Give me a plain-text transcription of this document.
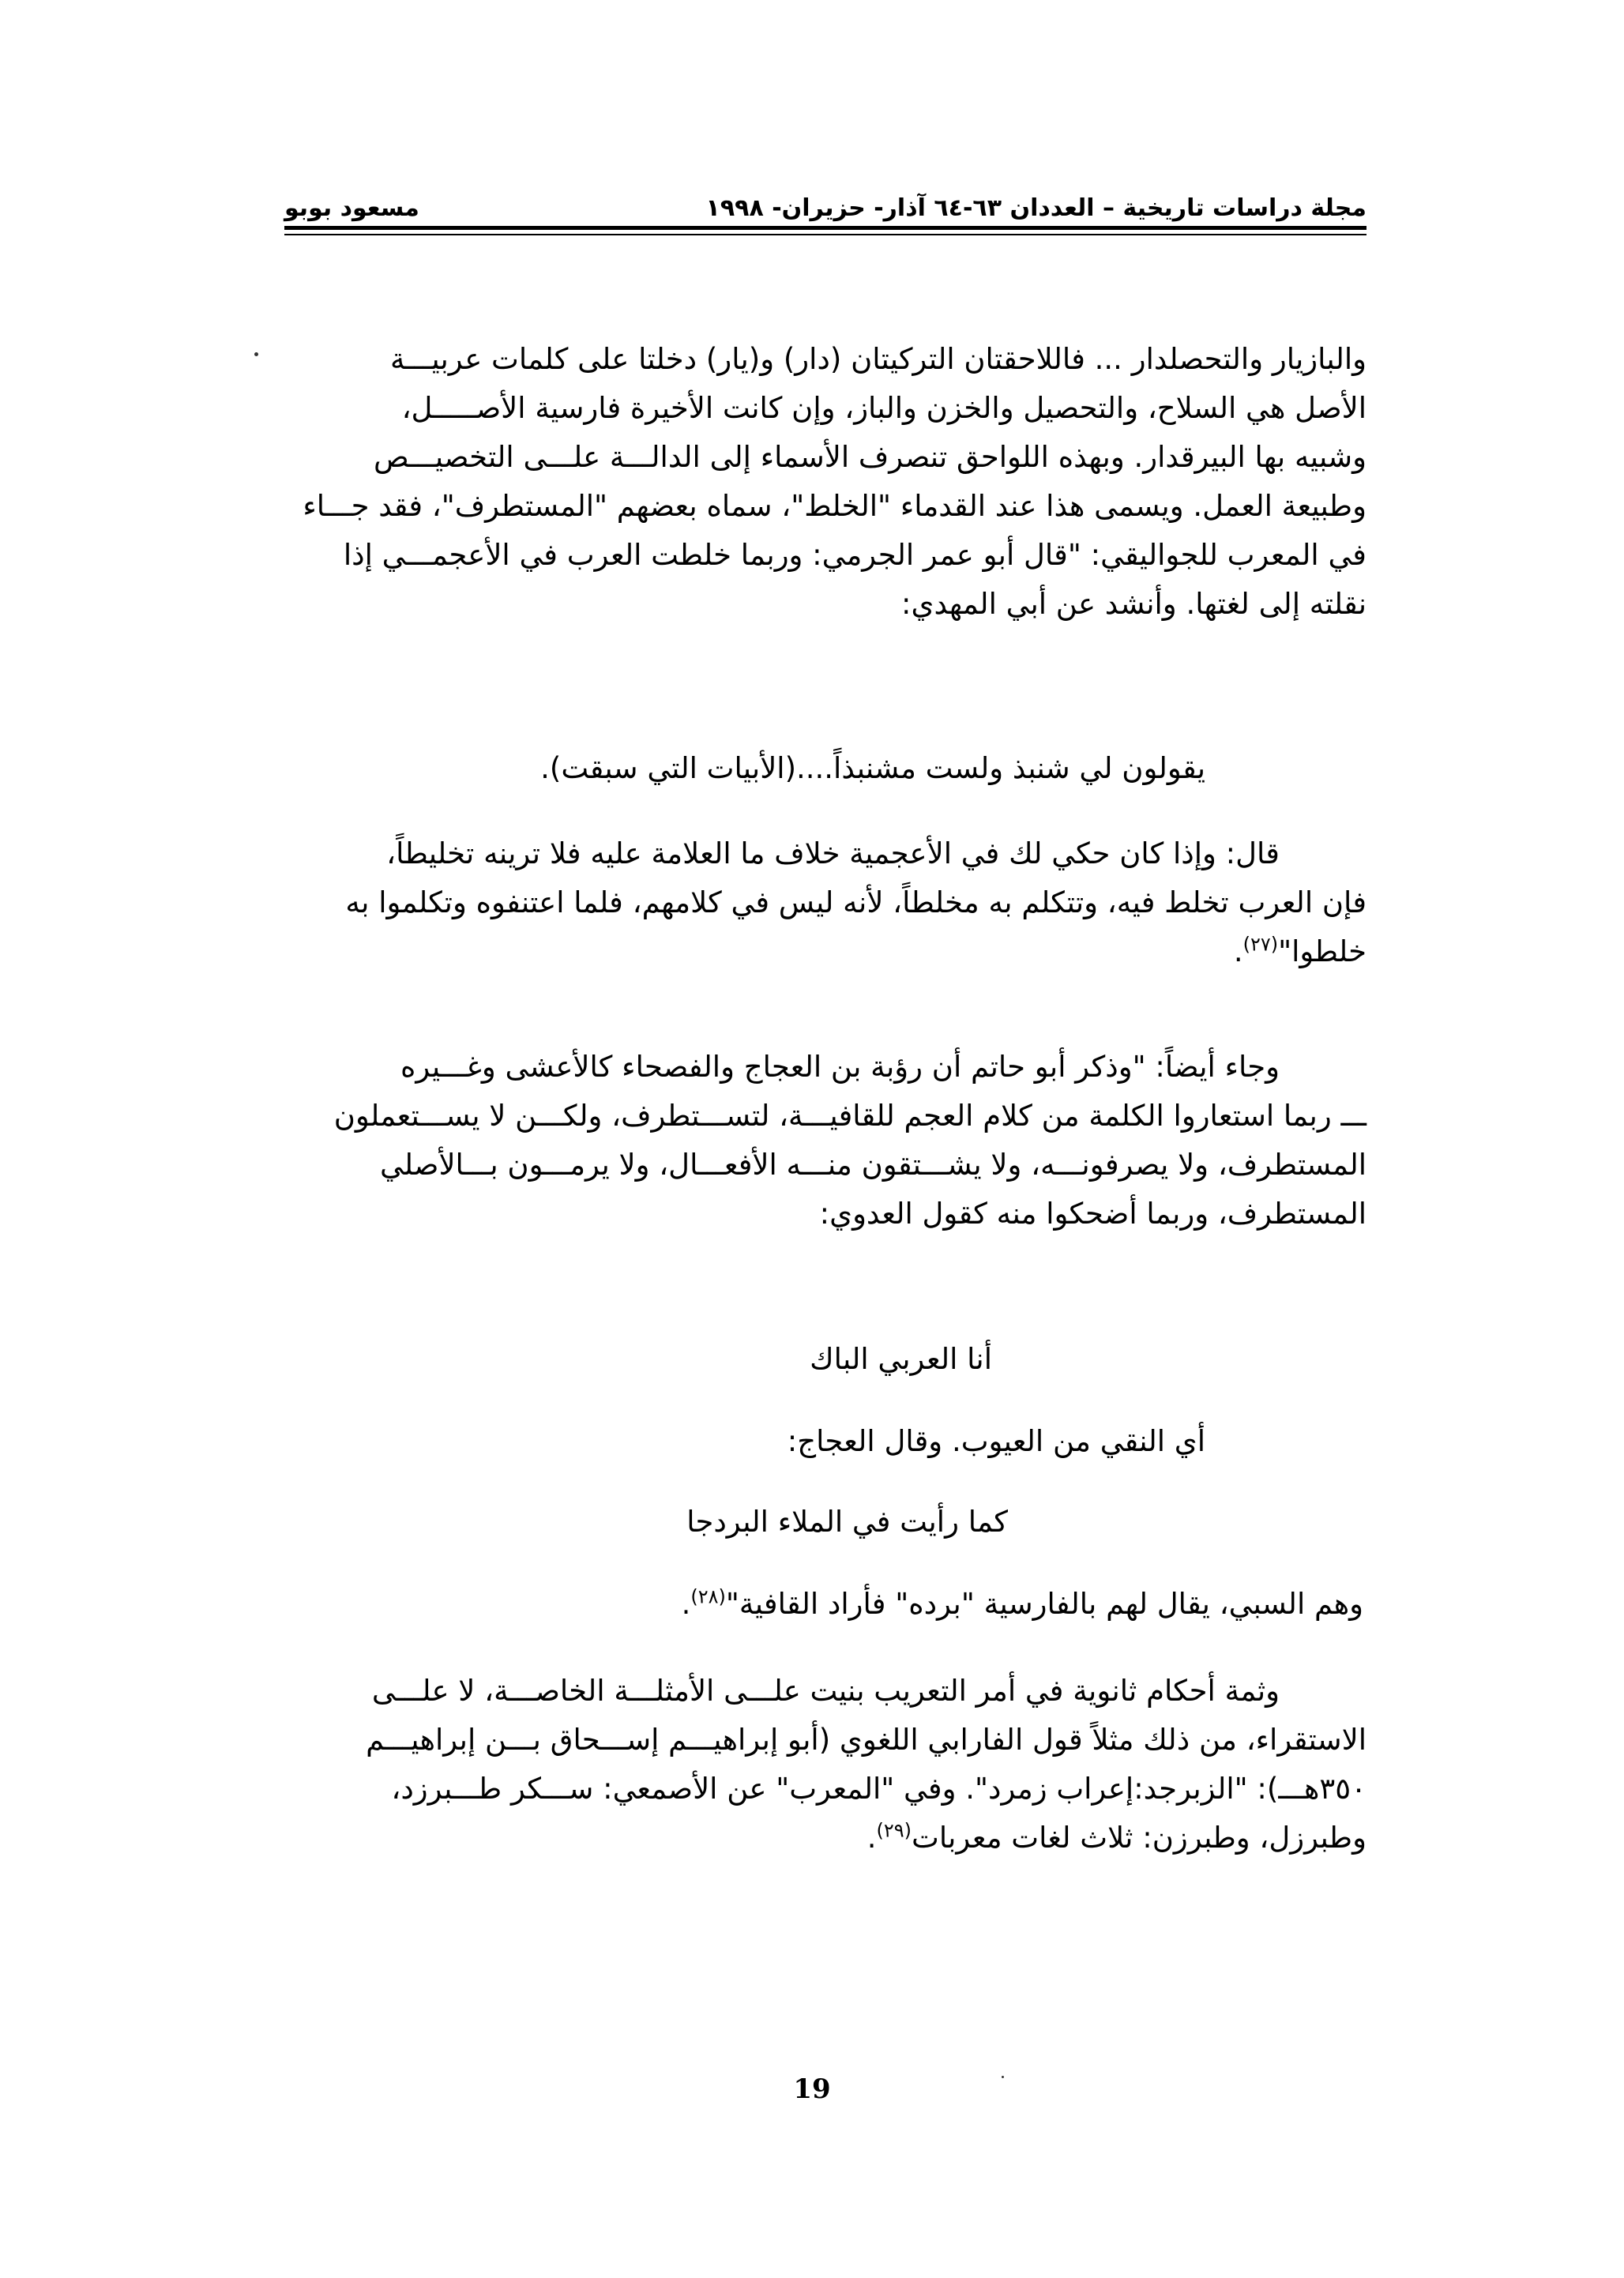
مجلة دراسات تاريخية – العددان ٦٣-٦٤ آذار- حزيران- ١٩٩٨
مسعود بوبو
والبازيار والتحصلدار ... فاللاحقتان التركيتان (دار) و(يار) دخلتا على كلمات عربيـــة
الأصل هي السلاح، والتحصيل والخزن والباز، وإن كانت الأخيرة فارسية الأصـــــل،
وشبيه بها البيرقدار. وبهذه اللواحق تنصرف الأسماء إلى الدالـــة علـــى التخصيـــص
وطبيعة العمل. ويسمى هذا عند القدماء "الخلط"، سماه بعضهم "المستطرف"، فقد جـــاء
في المعرب للجواليقي: "قال أبو عمر الجرمي: وربما خلطت العرب في الأعجمـــي إذا
نقلته إلى لغتها. وأنشد عن أبي المهدي:
يقولون لي شنبذ ولست مشنبذاً....(الأبيات التي سبقت).
قال: وإذا كان حكي لك في الأعجمية خلاف ما العلامة عليه فلا ترينه تخليطاً،
فإن العرب تخلط فيه، وتتكلم به مخلطاً، لأنه ليس في كلامهم، فلما اعتنفوه وتكلموا به
خلطوا"$^{(٢٧)}$.
وجاء أيضاً: "وذكر أبو حاتم أن رؤبة بن العجاج والفصحاء كالأعشى وغـــيره
ـــ ربما استعاروا الكلمة من كلام العجم للقافيـــة، لتســـتطرف، ولكـــن لا يســـتعملون
المستطرف، ولا يصرفونـــه، ولا يشـــتقون منـــه الأفعـــال، ولا يرمـــون بـــالأصلي
المستطرف، وربما أضحكوا منه كقول العدوي:
أنا العربي الباك
أي النقي من العيوب. وقال العجاج:
كما رأيت في الملاء البردجا
وهم السبي، يقال لهم بالفارسية "برده" فأراد القافية"$^{(٢٨)}$.
وثمة أحكام ثانوية في أمر التعريب بنيت علـــى الأمثلـــة الخاصـــة، لا علـــى
الاستقراء، من ذلك مثلاً قول الفارابي اللغوي (أبو إبراهيـــم إســـحاق بـــن إبراهيـــم
٣٥٠هـــ): "الزبرجد:إعراب زمرد". وفي "المعرب" عن الأصمعي: ســـكر طـــبرزد،
وطبرزل، وطبرزن: ثلاث لغات معربات$^{(٢٩)}$.
19
